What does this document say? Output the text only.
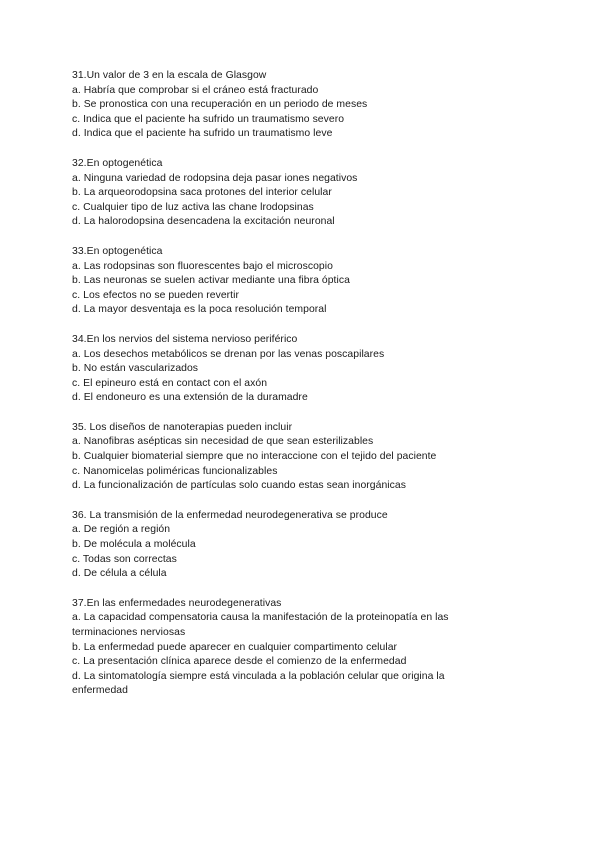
31.Un valor de 3 en la escala de Glasgow
a. Habría que comprobar si el cráneo está fracturado
b. Se pronostica con una recuperación en un periodo de meses
c. Indica que el paciente ha sufrido un traumatismo severo
d. Indica que el paciente ha sufrido un traumatismo leve
32.En optogenética
a. Ninguna variedad de rodopsina deja pasar iones negativos
b. La arqueorodopsina saca protones del interior celular
c. Cualquier tipo de luz activa las chane lrodopsinas
d. La halorodopsina desencadena la excitación neuronal
33.En optogenética
a. Las rodopsinas son fluorescentes bajo el microscopio
b. Las neuronas se suelen activar mediante una fibra óptica
c. Los efectos no se pueden revertir
d. La mayor desventaja es la poca resolución temporal
34.En los nervios del sistema nervioso periférico
a. Los desechos metabólicos se drenan por las venas poscapilares
b. No están vascularizados
c. El epineuro está en contact con el axón
d. El endoneuro es una extensión de la duramadre
35. Los diseños de nanoterapias pueden incluir
a. Nanofibras asépticas sin necesidad de que sean esterilizables
b. Cualquier biomaterial siempre que no interaccione con el tejido del paciente
c. Nanomicelas poliméricas funcionalizables
d. La funcionalización de partículas solo cuando estas sean inorgánicas
36. La transmisión de la enfermedad neurodegenerativa se produce
a. De región a región
b. De molécula a molécula
c. Todas son correctas
d. De célula a célula
37.En las enfermedades neurodegenerativas
a. La capacidad compensatoria causa la manifestación de la proteinopatía en las terminaciones nerviosas
b. La enfermedad puede aparecer en cualquier compartimento celular
c. La presentación clínica aparece desde el comienzo de la enfermedad
d. La sintomatología siempre está vinculada a la población celular que origina la enfermedad
